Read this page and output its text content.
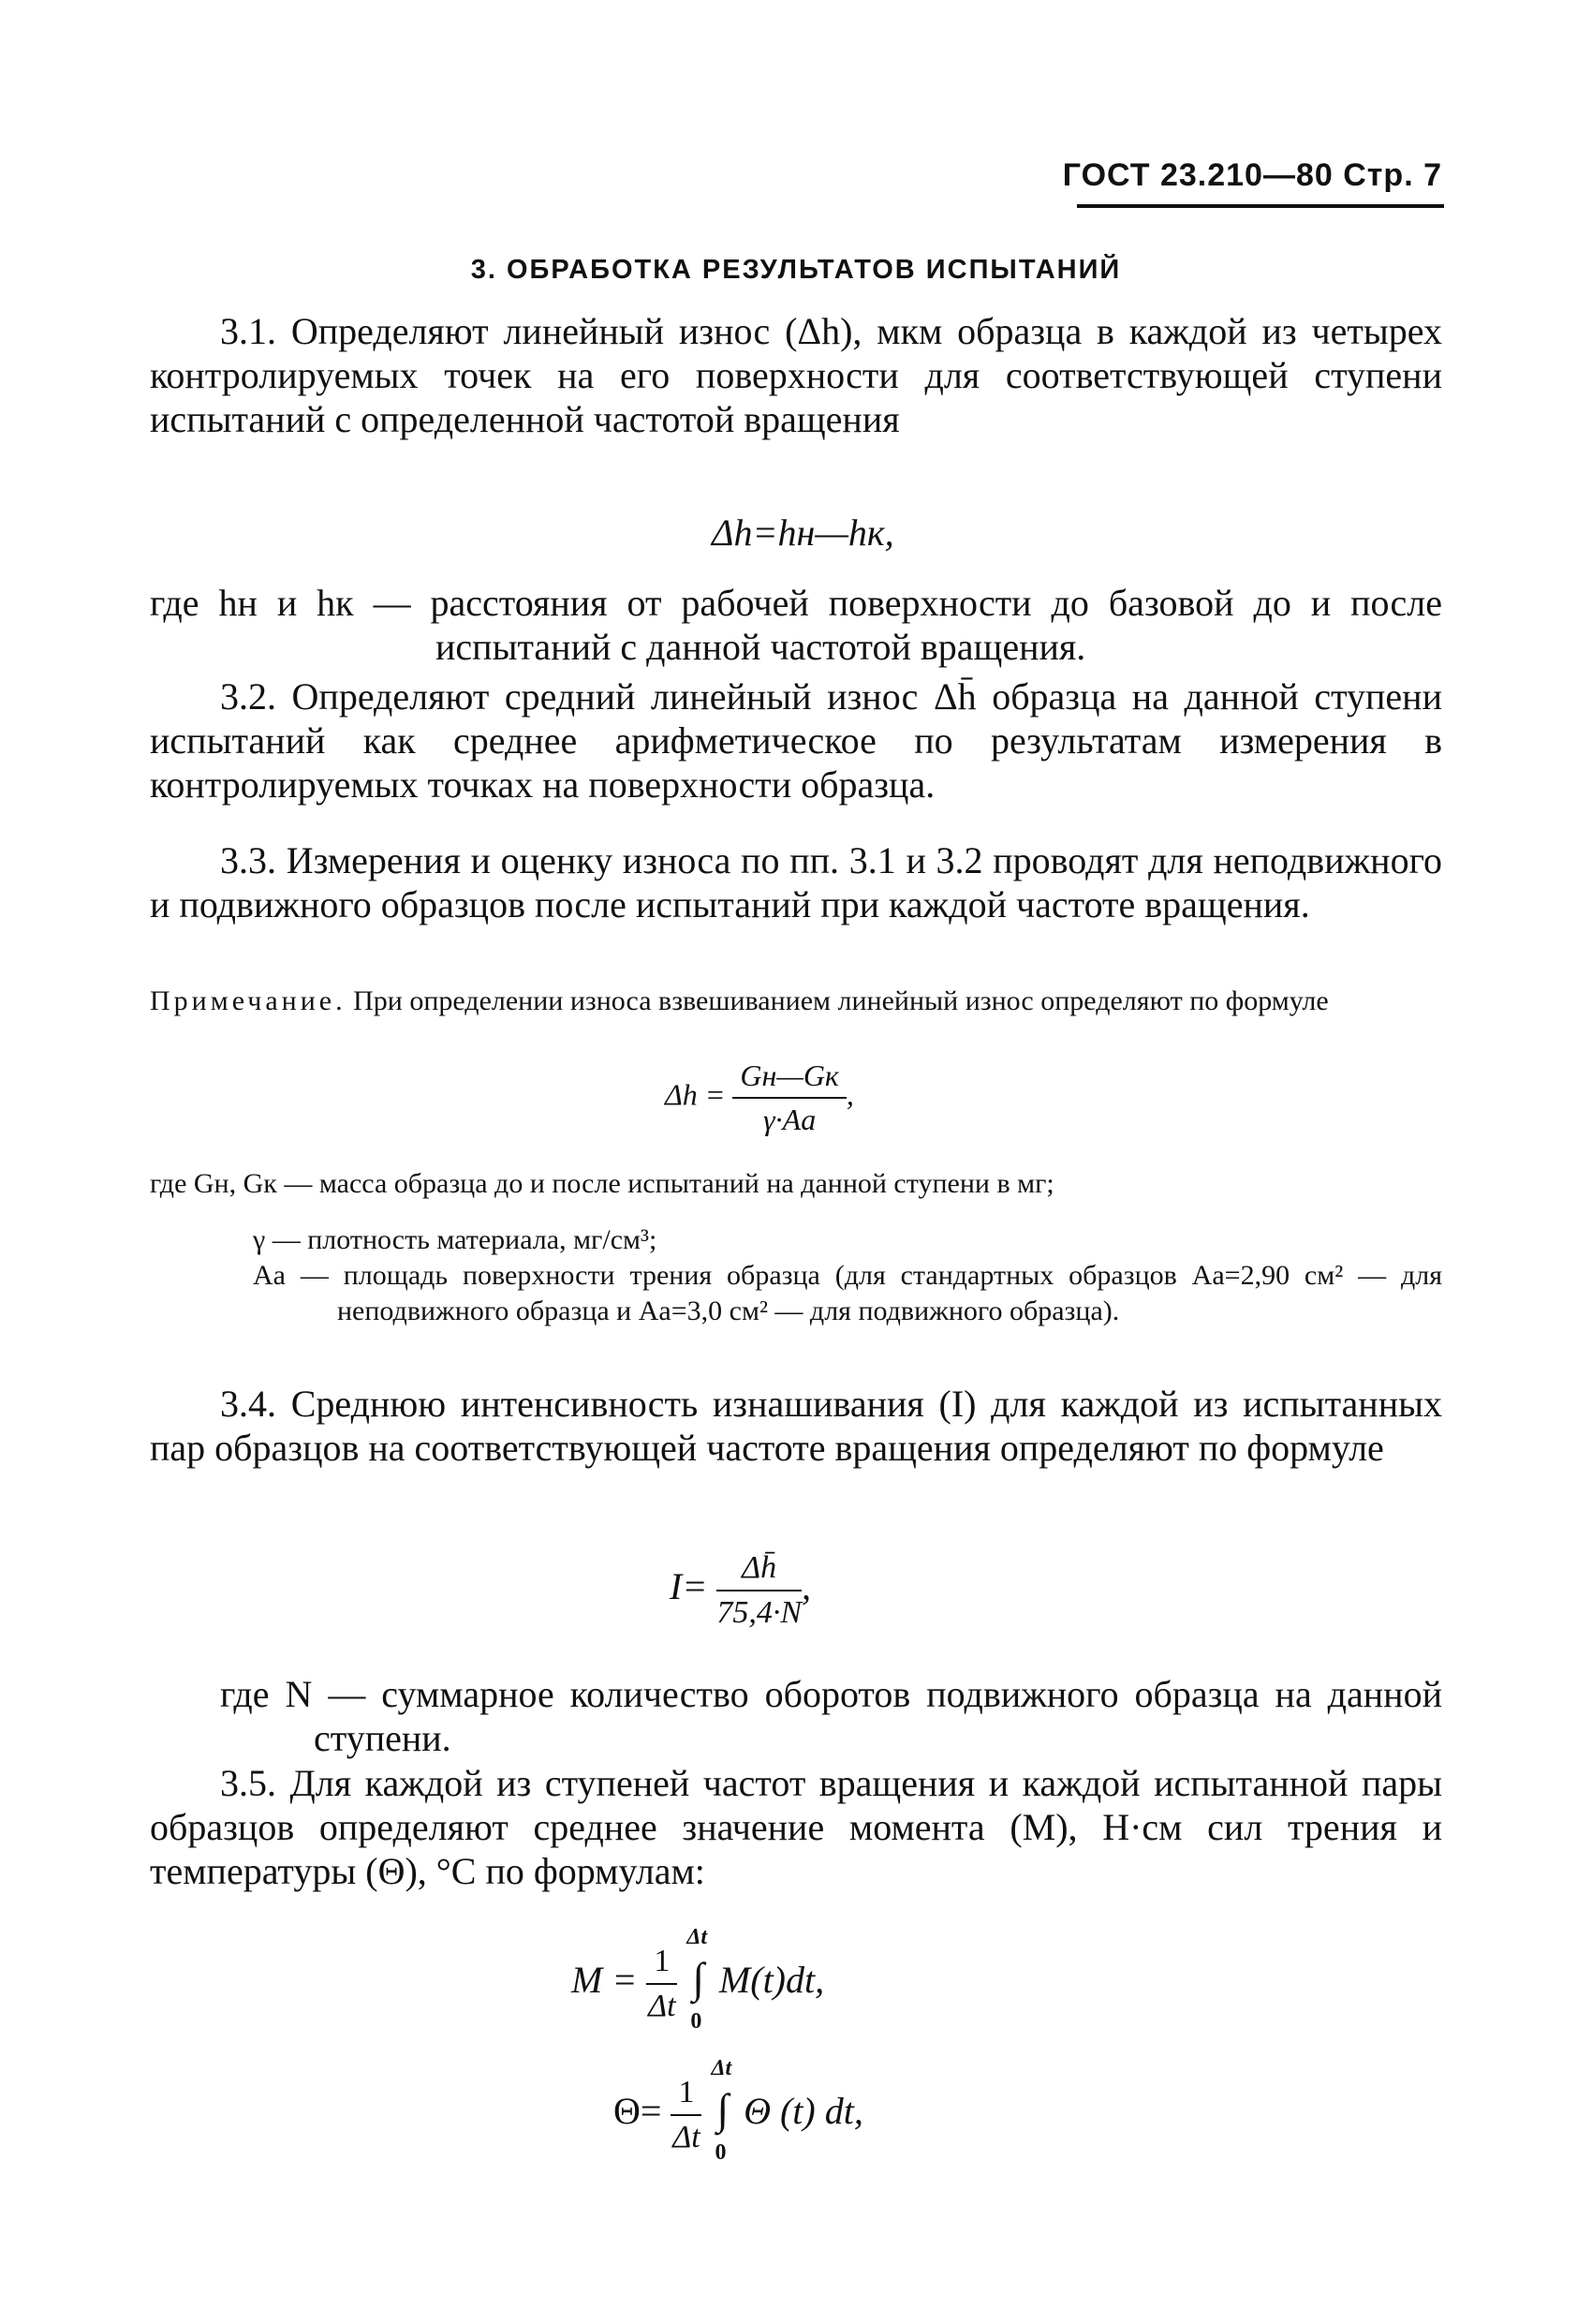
ГОСТ 23.210—80 Стр. 7
3. ОБРАБОТКА РЕЗУЛЬТАТОВ ИСПЫТАНИЙ
3.1. Определяют линейный износ (Δh), мкм образца в каждой из четырех контролируемых точек на его поверхности для соответствующей ступени испытаний с определенной частотой вращения
Δh=hн—hк,
где hн и hк — расстояния от рабочей поверхности до базовой до и после испытаний с данной частотой вращения.
3.2. Определяют средний линейный износ Δh̄ образца на данной ступени испытаний как среднее арифметическое по результатам измерения в контролируемых точках на поверхности образца.
3.3. Измерения и оценку износа по пп. 3.1 и 3.2 проводят для неподвижного и подвижного образцов после испытаний при каждой частоте вращения.
Примечание. При определении износа взвешиванием линейный износ определяют по формуле
$\Delta h = \frac{Gн—Gк}{\gamma\cdot Aа}$ ,
где Gн, Gк — масса образца до и после испытаний на данной ступени в мг;
γ — плотность материала, мг/см³;
Aа — площадь поверхности трения образца (для стандартных образцов Aа=2,90 см² — для неподвижного образца и Aа=3,0 см² — для подвижного образца).
3.4. Среднюю интенсивность изнашивания (I) для каждой из испытанных пар образцов на соответствующей частоте вращения определяют по формуле
$I= \frac{\Delta h̄}{75,4\cdot N}$ ,
где N — суммарное количество оборотов подвижного образца на данной ступени.
3.5. Для каждой из ступеней частот вращения и каждой испытанной пары образцов определяют среднее значение момента (M), Н·см сил трения и температуры (Θ), °С по формулам:
$M = \frac{1}{\Delta t}$ ∫
Δt
0
M(t)dt,
$\Theta= \frac{1}{\Delta t}$ ∫
Δt
0
Θ (t) dt,
